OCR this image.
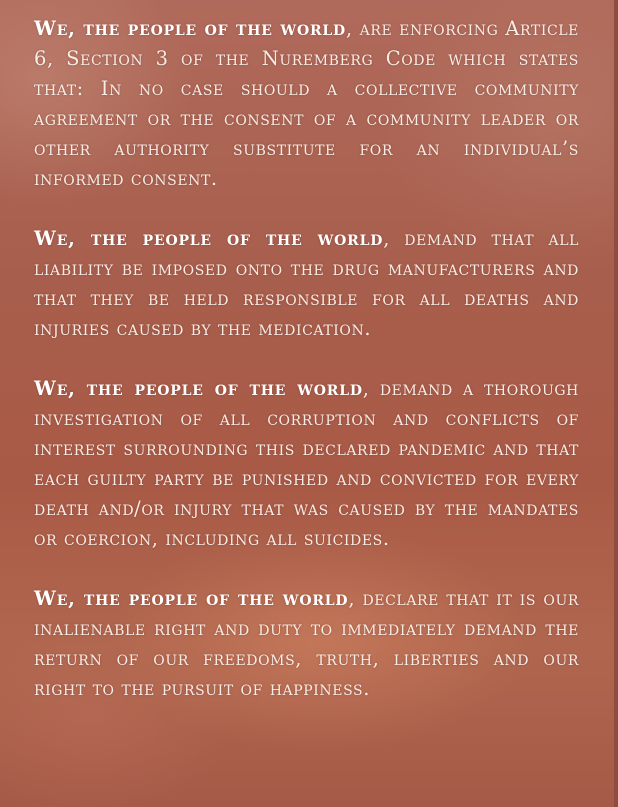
We, the people of the world, are enforcing Article 6, Section 3 of the Nuremberg Code which states that: In no case should a collective community agreement or the consent of a community leader or other authority substitute for an individual’s informed consent.

We, the people of the world, demand that all liability be imposed onto the drug manufacturers and that they be held responsible for all deaths and injuries caused by the medication.

We, the people of the world, demand a thorough investigation of all corruption and conflicts of interest surrounding this declared pandemic and that each guilty party be punished and convicted for every death and/or injury that was caused by the mandates or coercion, including all suicides.

We, the people of the world, declare that it is our inalienable right and duty to immediately demand the return of our freedoms, truth, liberties and our right to the pursuit of happiness.
